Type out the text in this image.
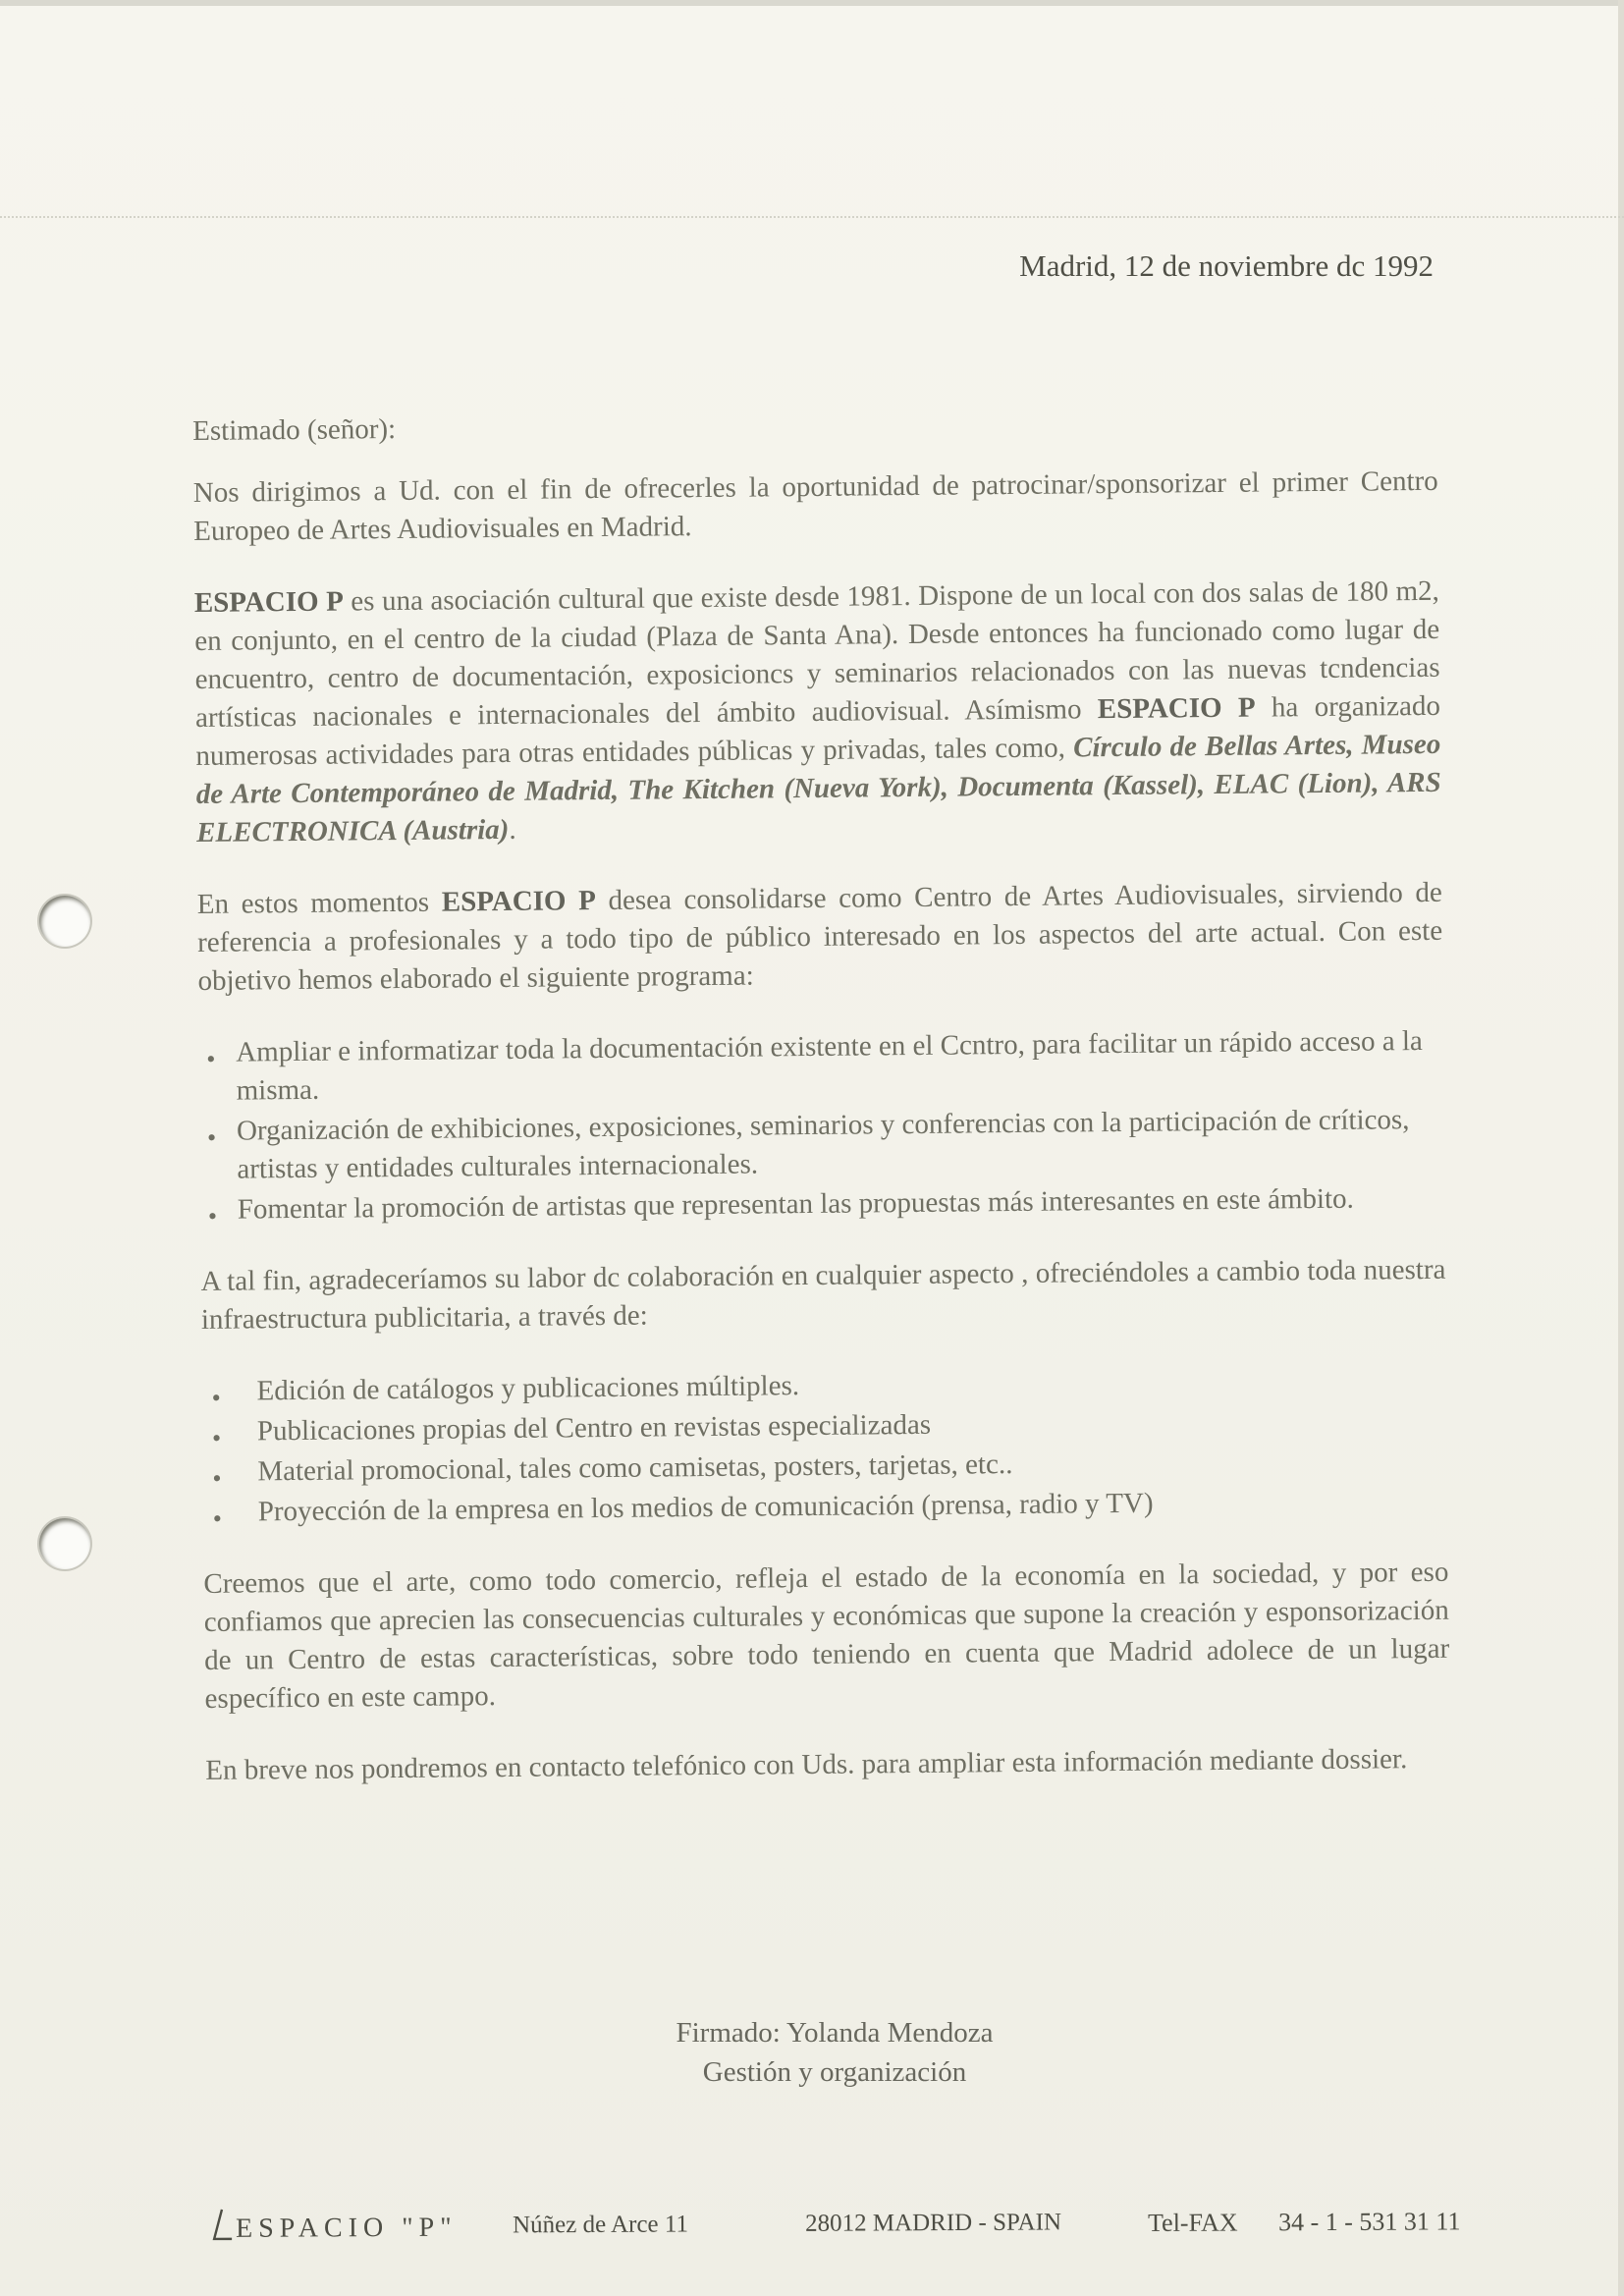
Madrid, 12 de noviembre dc 1992

Estimado (señor):

Nos dirigimos a Ud. con el fin de ofrecerles la oportunidad de patrocinar/sponsorizar el primer Centro Europeo de Artes Audiovisuales en Madrid.

ESPACIO P es una asociación cultural que existe desde 1981. Dispone de un local con dos salas de 180 m2, en conjunto, en el centro de la ciudad (Plaza de Santa Ana). Desde entonces ha funcionado como lugar de encuentro, centro de documentación, exposicioncs y seminarios relacionados con las nuevas tcndencias artísticas nacionales e internacionales del ámbito audiovisual. Asímismo ESPACIO P ha organizado numerosas actividades para otras entidades públicas y privadas, tales como, Círculo de Bellas Artes, Museo de Arte Contemporáneo de Madrid, The Kitchen (Nueva York), Documenta (Kassel), ELAC (Lion), ARS ELECTRONICA (Austria).

En estos momentos ESPACIO P desea consolidarse como Centro de Artes Audiovisuales, sirviendo de referencia a profesionales y a todo tipo de público interesado en los aspectos del arte actual. Con este objetivo hemos elaborado el siguiente programa:

• Ampliar e informatizar toda la documentación existente en el Cc​ntro, para facilitar un rápido acceso a la misma.
• Organización de exhibiciones, exposiciones, seminarios y conferencias con la participación de críticos, artistas y entidades culturales internacionales.
• Fomentar la promoción de artistas que representan las propuestas más interesantes en este ámbito.

A tal fin, agradeceríamos su labor dc colaboración en cualquier aspecto , ofreciéndoles a cambio toda nuestra infraestructura publicitaria, a través de:

• Edición de catálogos y publicaciones múltiples.
• Publicaciones propias del Centro en revistas especializadas
• Material promocional, tales como camisetas, posters, tarjetas, etc..
• Proyección de la empresa en los medios de comunicación (prensa, radio y TV)

Creemos que el arte, como todo comercio, refleja el estado de la economía en la sociedad, y por eso confiamos que aprecien las consecuencias culturales y económicas que supone la creación y esponsorización de un Centro de estas características, sobre todo teniendo en cuenta que Madrid adolece de un lugar específico en este campo.

En breve nos pondremos en contacto telefónico con Uds. para ampliar esta información mediante dossier.

Firmado: Yolanda Mendoza
Gestión y organización
ESPACIO "P" Núñez de Arce 11	28012 MADRID - SPAIN	Tel-FAX 34 - 1 - 531 31 11
